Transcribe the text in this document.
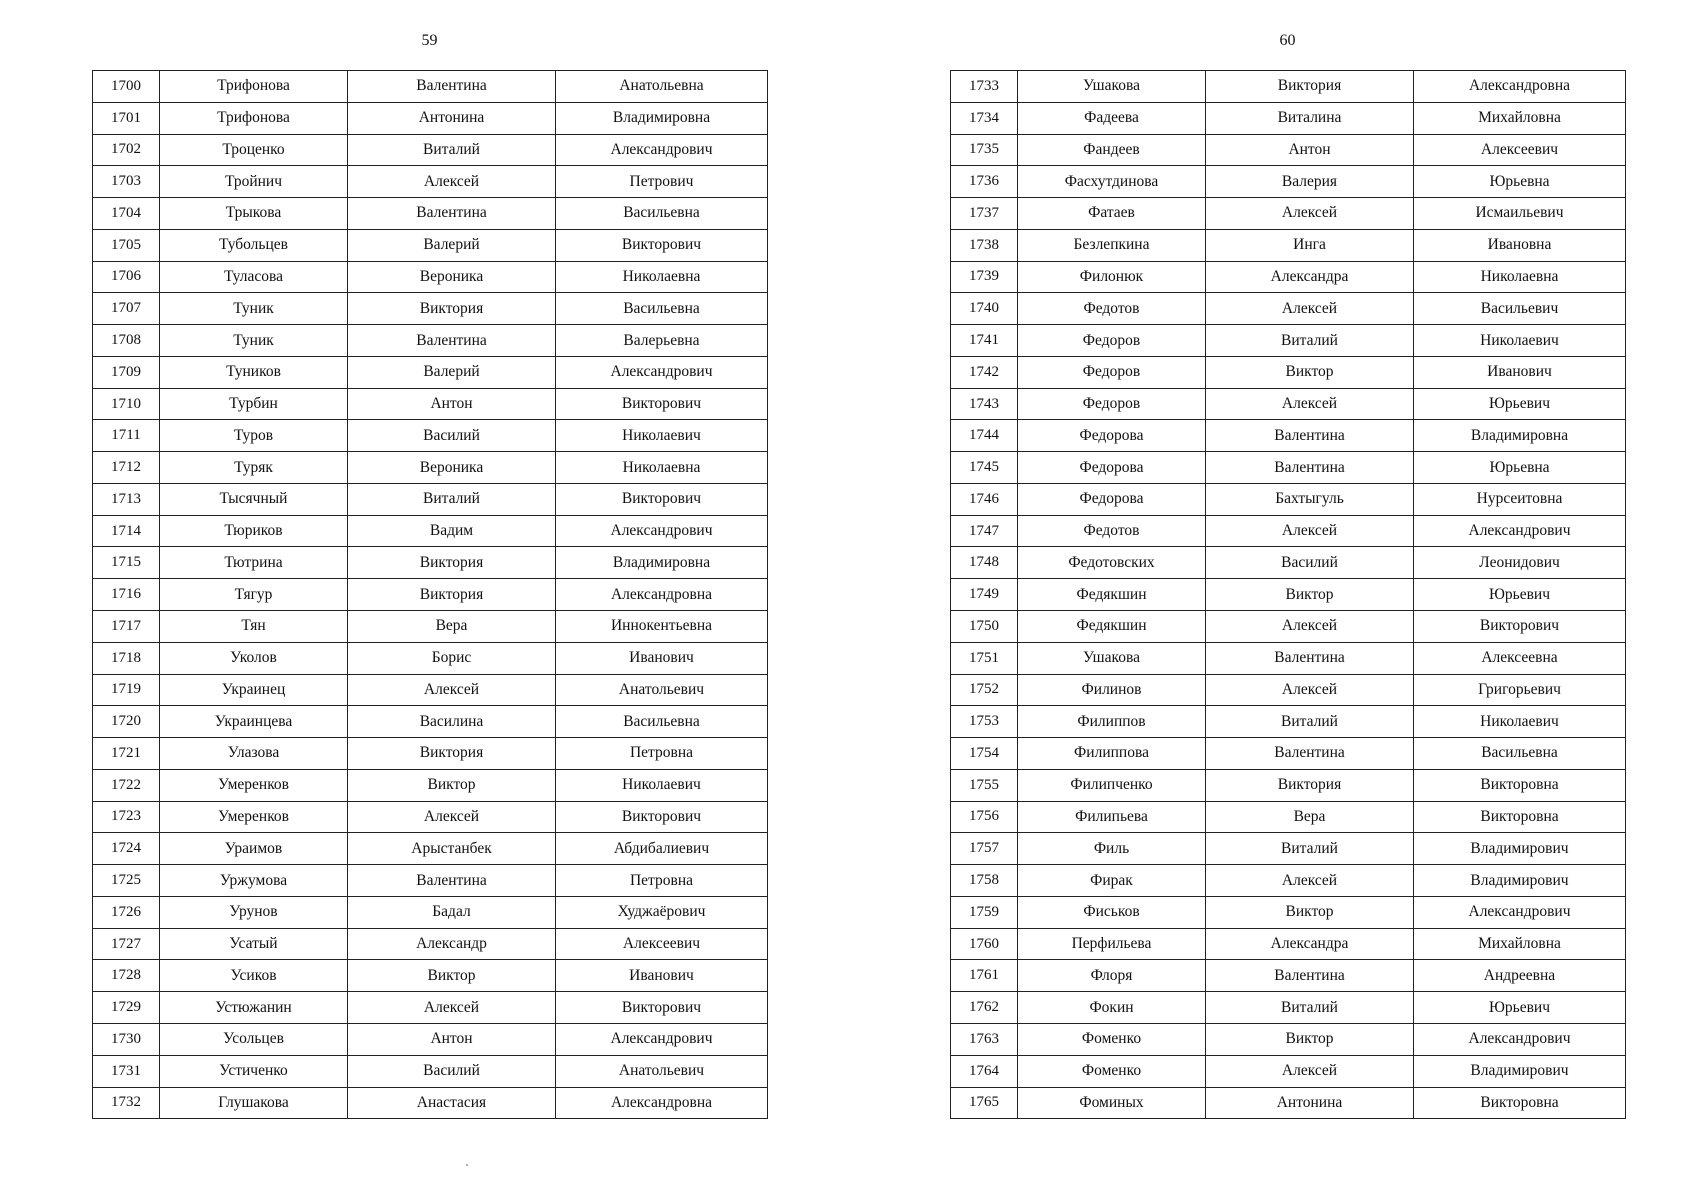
59
1700	Трифонова	Валентина	Анатольевна
1701	Трифонова	Антонина	Владимировна
1702	Троценко	Виталий	Александрович
1703	Тройнич	Алексей	Петрович
1704	Трыкова	Валентина	Васильевна
1705	Тубольцев	Валерий	Викторович
1706	Туласова	Вероника	Николаевна
1707	Туник	Виктория	Васильевна
1708	Туник	Валентина	Валерьевна
1709	Туников	Валерий	Александрович
1710	Турбин	Антон	Викторович
1711	Туров	Василий	Николаевич
1712	Туряк	Вероника	Николаевна
1713	Тысячный	Виталий	Викторович
1714	Тюриков	Вадим	Александрович
1715	Тютрина	Виктория	Владимировна
1716	Тягур	Виктория	Александровна
1717	Тян	Вера	Иннокентьевна
1718	Уколов	Борис	Иванович
1719	Украинец	Алексей	Анатольевич
1720	Украинцева	Василина	Васильевна
1721	Улазова	Виктория	Петровна
1722	Умеренков	Виктор	Николаевич
1723	Умеренков	Алексей	Викторович
1724	Ураимов	Арыстанбек	Абдибалиевич
1725	Уржумова	Валентина	Петровна
1726	Урунов	Бадал	Худжаёрович
1727	Усатый	Александр	Алексеевич
1728	Усиков	Виктор	Иванович
1729	Устюжанин	Алексей	Викторович
1730	Усольцев	Антон	Александрович
1731	Устиченко	Василий	Анатольевич
1732	Глушакова	Анастасия	Александровна
60
1733	Ушакова	Виктория	Александровна
1734	Фадеева	Виталина	Михайловна
1735	Фандеев	Антон	Алексеевич
1736	Фасхутдинова	Валерия	Юрьевна
1737	Фатаев	Алексей	Исмаильевич
1738	Безлепкина	Инга	Ивановна
1739	Филонюк	Александра	Николаевна
1740	Федотов	Алексей	Васильевич
1741	Федоров	Виталий	Николаевич
1742	Федоров	Виктор	Иванович
1743	Федоров	Алексей	Юрьевич
1744	Федорова	Валентина	Владимировна
1745	Федорова	Валентина	Юрьевна
1746	Федорова	Бахтыгуль	Нурсеитовна
1747	Федотов	Алексей	Александрович
1748	Федотовских	Василий	Леонидович
1749	Федякшин	Виктор	Юрьевич
1750	Федякшин	Алексей	Викторович
1751	Ушакова	Валентина	Алексеевна
1752	Филинов	Алексей	Григорьевич
1753	Филиппов	Виталий	Николаевич
1754	Филиппова	Валентина	Васильевна
1755	Филипченко	Виктория	Викторовна
1756	Филипьева	Вера	Викторовна
1757	Филь	Виталий	Владимирович
1758	Фирак	Алексей	Владимирович
1759	Фиськов	Виктор	Александрович
1760	Перфильева	Александра	Михайловна
1761	Флоря	Валентина	Андреевна
1762	Фокин	Виталий	Юрьевич
1763	Фоменко	Виктор	Александрович
1764	Фоменко	Алексей	Владимирович
1765	Фоминых	Антонина	Викторовна
